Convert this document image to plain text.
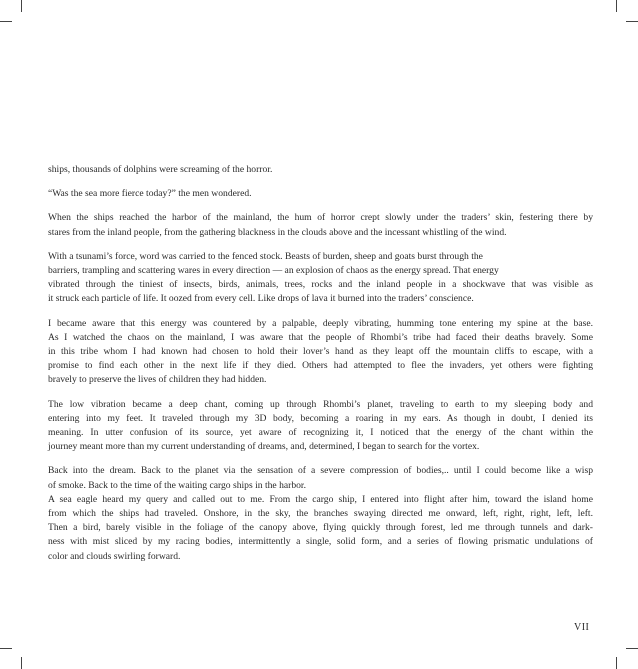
ships, thousands of dolphins were screaming of the horror.
“Was the sea more fierce today?” the men wondered.
When the ships reached the harbor of the mainland, the hum of horror crept slowly under the traders’ skin, festering there by
stares from the inland people, from the gathering blackness in the clouds above and the incessant whistling of the wind.
With a tsunami’s force, word was carried to the fenced stock. Beasts of burden, sheep and goats burst through the
barriers, trampling and scattering wares in every direction — an explosion of chaos as the energy spread. That energy
vibrated through the tiniest of insects, birds, animals, trees, rocks and the inland people in a shockwave that was visible as
it struck each particle of life. It oozed from every cell. Like drops of lava it burned into the traders’ conscience.
I became aware that this energy was countered by a palpable, deeply vibrating, humming tone entering my spine at the base.
As I watched the chaos on the mainland, I was aware that the people of Rhombi’s tribe had faced their deaths bravely. Some
in this tribe whom I had known had chosen to hold their lover’s hand as they leapt off the mountain cliffs to escape, with a
promise to find each other in the next life if they died. Others had attempted to flee the invaders, yet others were fighting
bravely to preserve the lives of children they had hidden.
The low vibration became a deep chant, coming up through Rhombi’s planet, traveling to earth to my sleeping body and
entering into my feet. It traveled through my 3D body, becoming a roaring in my ears. As though in doubt, I denied its
meaning. In utter confusion of its source, yet aware of recognizing it, I noticed that the energy of the chant within the
journey meant more than my current understanding of dreams, and, determined, I began to search for the vortex.
Back into the dream. Back to the planet via the sensation of a severe compression of bodies,.. until I could become like a wisp
of smoke. Back to the time of the waiting cargo ships in the harbor.
A sea eagle heard my query and called out to me. From the cargo ship, I entered into flight after him, toward the island home
from which the ships had traveled. Onshore, in the sky, the branches swaying directed me onward, left, right, right, left, left.
Then a bird, barely visible in the foliage of the canopy above, flying quickly through forest, led me through tunnels and dark-
ness with mist sliced by my racing bodies, intermittently a single, solid form, and a series of flowing prismatic undulations of
color and clouds swirling forward.
VII
